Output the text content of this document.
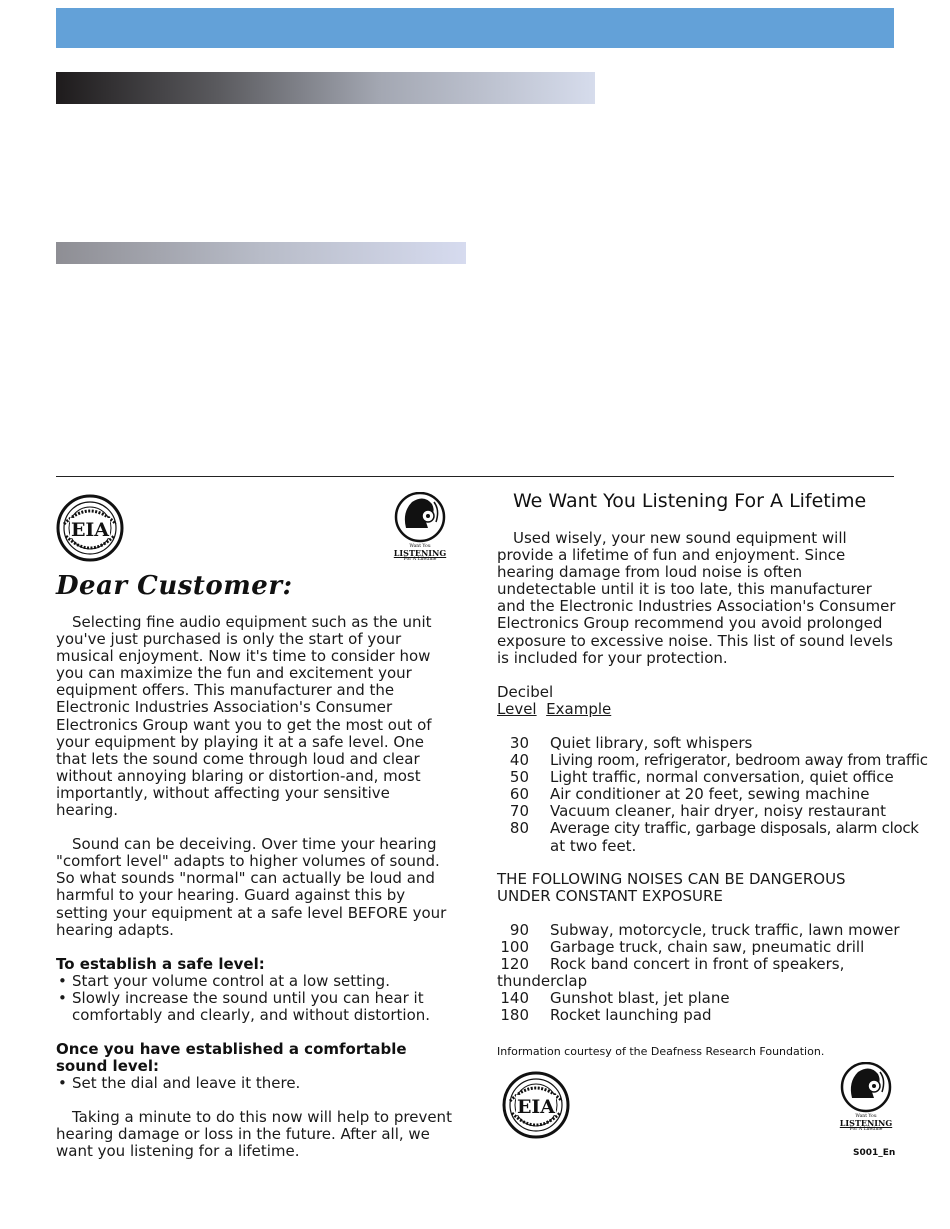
EIA
Want You
LISTENING
For A Lifetime
Dear Customer:

Selecting fine audio equipment such as the unit you've just purchased is only the start of your musical enjoyment. Now it's time to consider how you can maximize the fun and excitement your equipment offers. This manufacturer and the Electronic Industries Association's Consumer Electronics Group want you to get the most out of your equipment by playing it at a safe level. One that lets the sound come through loud and clear without annoying blaring or distortion-and, most importantly, without affecting your sensitive hearing.

Sound can be deceiving. Over time your hearing "comfort level" adapts to higher volumes of sound. So what sounds "normal" can actually be loud and harmful to your hearing. Guard against this by setting your equipment at a safe level BEFORE your hearing adapts.

To establish a safe level:

• Start your volume control at a low setting.
• Slowly increase the sound until you can hear it comfortably and clearly, and without distortion.

Once you have established a comfortable sound level:

• Set the dial and leave it there.

Taking a minute to do this now will help to prevent hearing damage or loss in the future. After all, we want you listening for a lifetime.

We Want You Listening For A Lifetime

Used wisely, your new sound equipment will provide a lifetime of fun and enjoyment. Since hearing damage from loud noise is often undetectable until it is too late, this manufacturer and the Electronic Industries Association's Consumer Electronics Group recommend you avoid prolonged exposure to excessive noise. This list of sound levels is included for your protection.

Decibel
Level Example
30 Quiet library, soft whispers
40 Living room, refrigerator, bedroom away from traffic
50 Light traffic, normal conversation, quiet office
60 Air conditioner at 20 feet, sewing machine
70 Vacuum cleaner, hair dryer, noisy restaurant
80 Average city traffic, garbage disposals, alarm clock
at two feet.

THE FOLLOWING NOISES CAN BE DANGEROUS UNDER CONSTANT EXPOSURE

90 Subway, motorcycle, truck traffic, lawn mower
100 Garbage truck, chain saw, pneumatic drill
120 Rock band concert in front of speakers,
thunderclap
140 Gunshot blast, jet plane
180 Rocket launching pad
Information courtesy of the Deafness Research Foundation.
EIA	Want You
LISTENING
For A Lifetime
S001_En
